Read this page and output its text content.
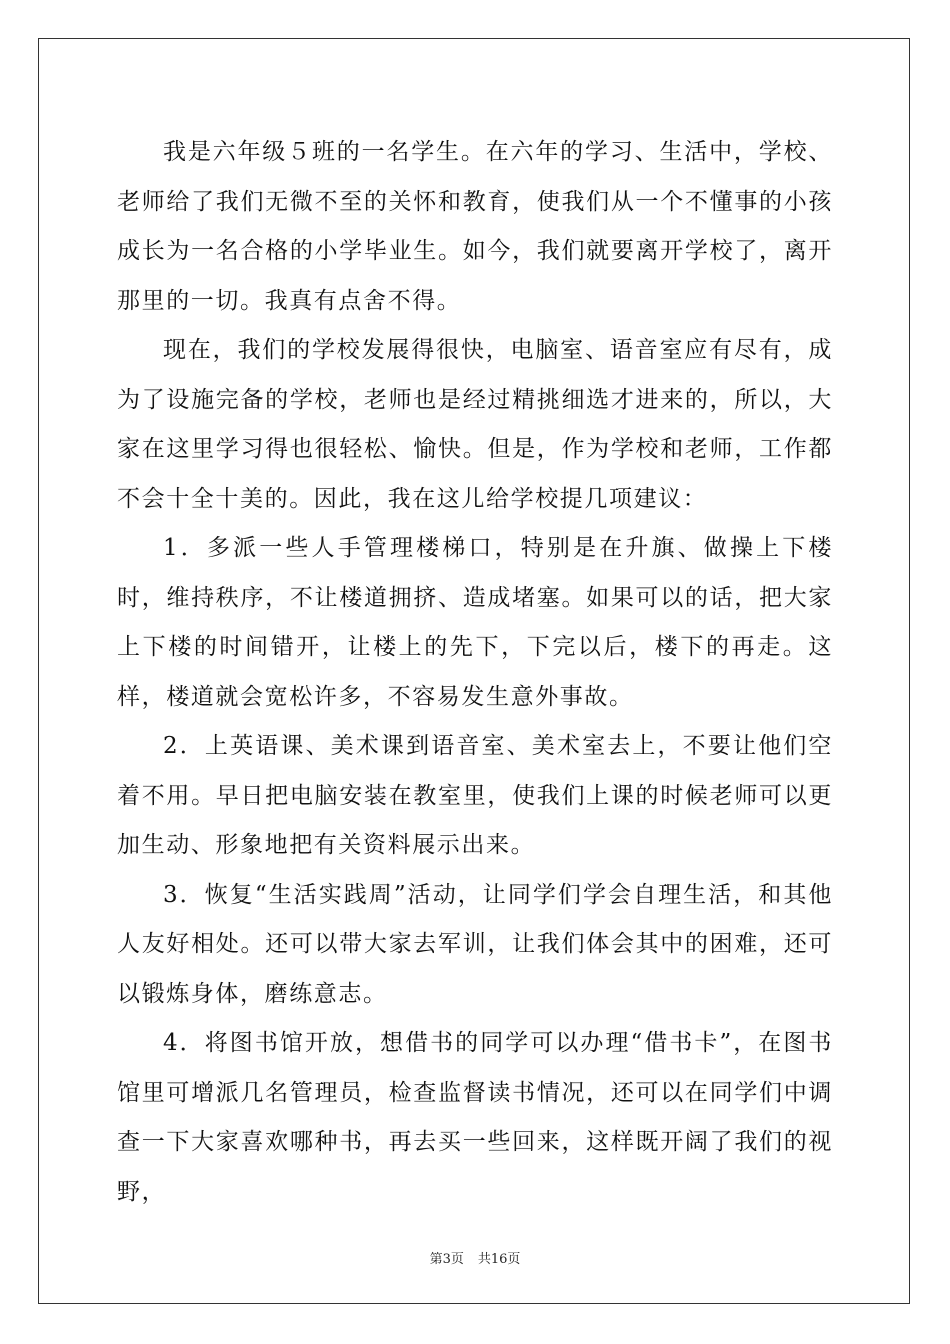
我是六年级５班的一名学生。在六年的学习、生活中，学校、老师给了我们无微不至的关怀和教育，使我们从一个不懂事的小孩成长为一名合格的小学毕业生。如今，我们就要离开学校了，离开那里的一切。我真有点舍不得。

现在，我们的学校发展得很快，电脑室、语音室应有尽有，成为了设施完备的学校，老师也是经过精挑细选才进来的，所以，大家在这里学习得也很轻松、愉快。但是，作为学校和老师，工作都不会十全十美的。因此，我在这儿给学校提几项建议：

1．多派一些人手管理楼梯口，特别是在升旗、做操上下楼时，维持秩序，不让楼道拥挤、造成堵塞。如果可以的话，把大家上下楼的时间错开，让楼上的先下，下完以后，楼下的再走。这样，楼道就会宽松许多，不容易发生意外事故。

2．上英语课、美术课到语音室、美术室去上，不要让他们空着不用。早日把电脑安装在教室里，使我们上课的时候老师可以更加生动、形象地把有关资料展示出来。

3．恢复“生活实践周”活动，让同学们学会自理生活，和其他人友好相处。还可以带大家去军训，让我们体会其中的困难，还可以锻炼身体，磨练意志。

4．将图书馆开放，想借书的同学可以办理“借书卡”，在图书馆里可增派几名管理员，检查监督读书情况，还可以在同学们中调查一下大家喜欢哪种书，再去买一些回来，这样既开阔了我们的视野，

第3页 共16页
